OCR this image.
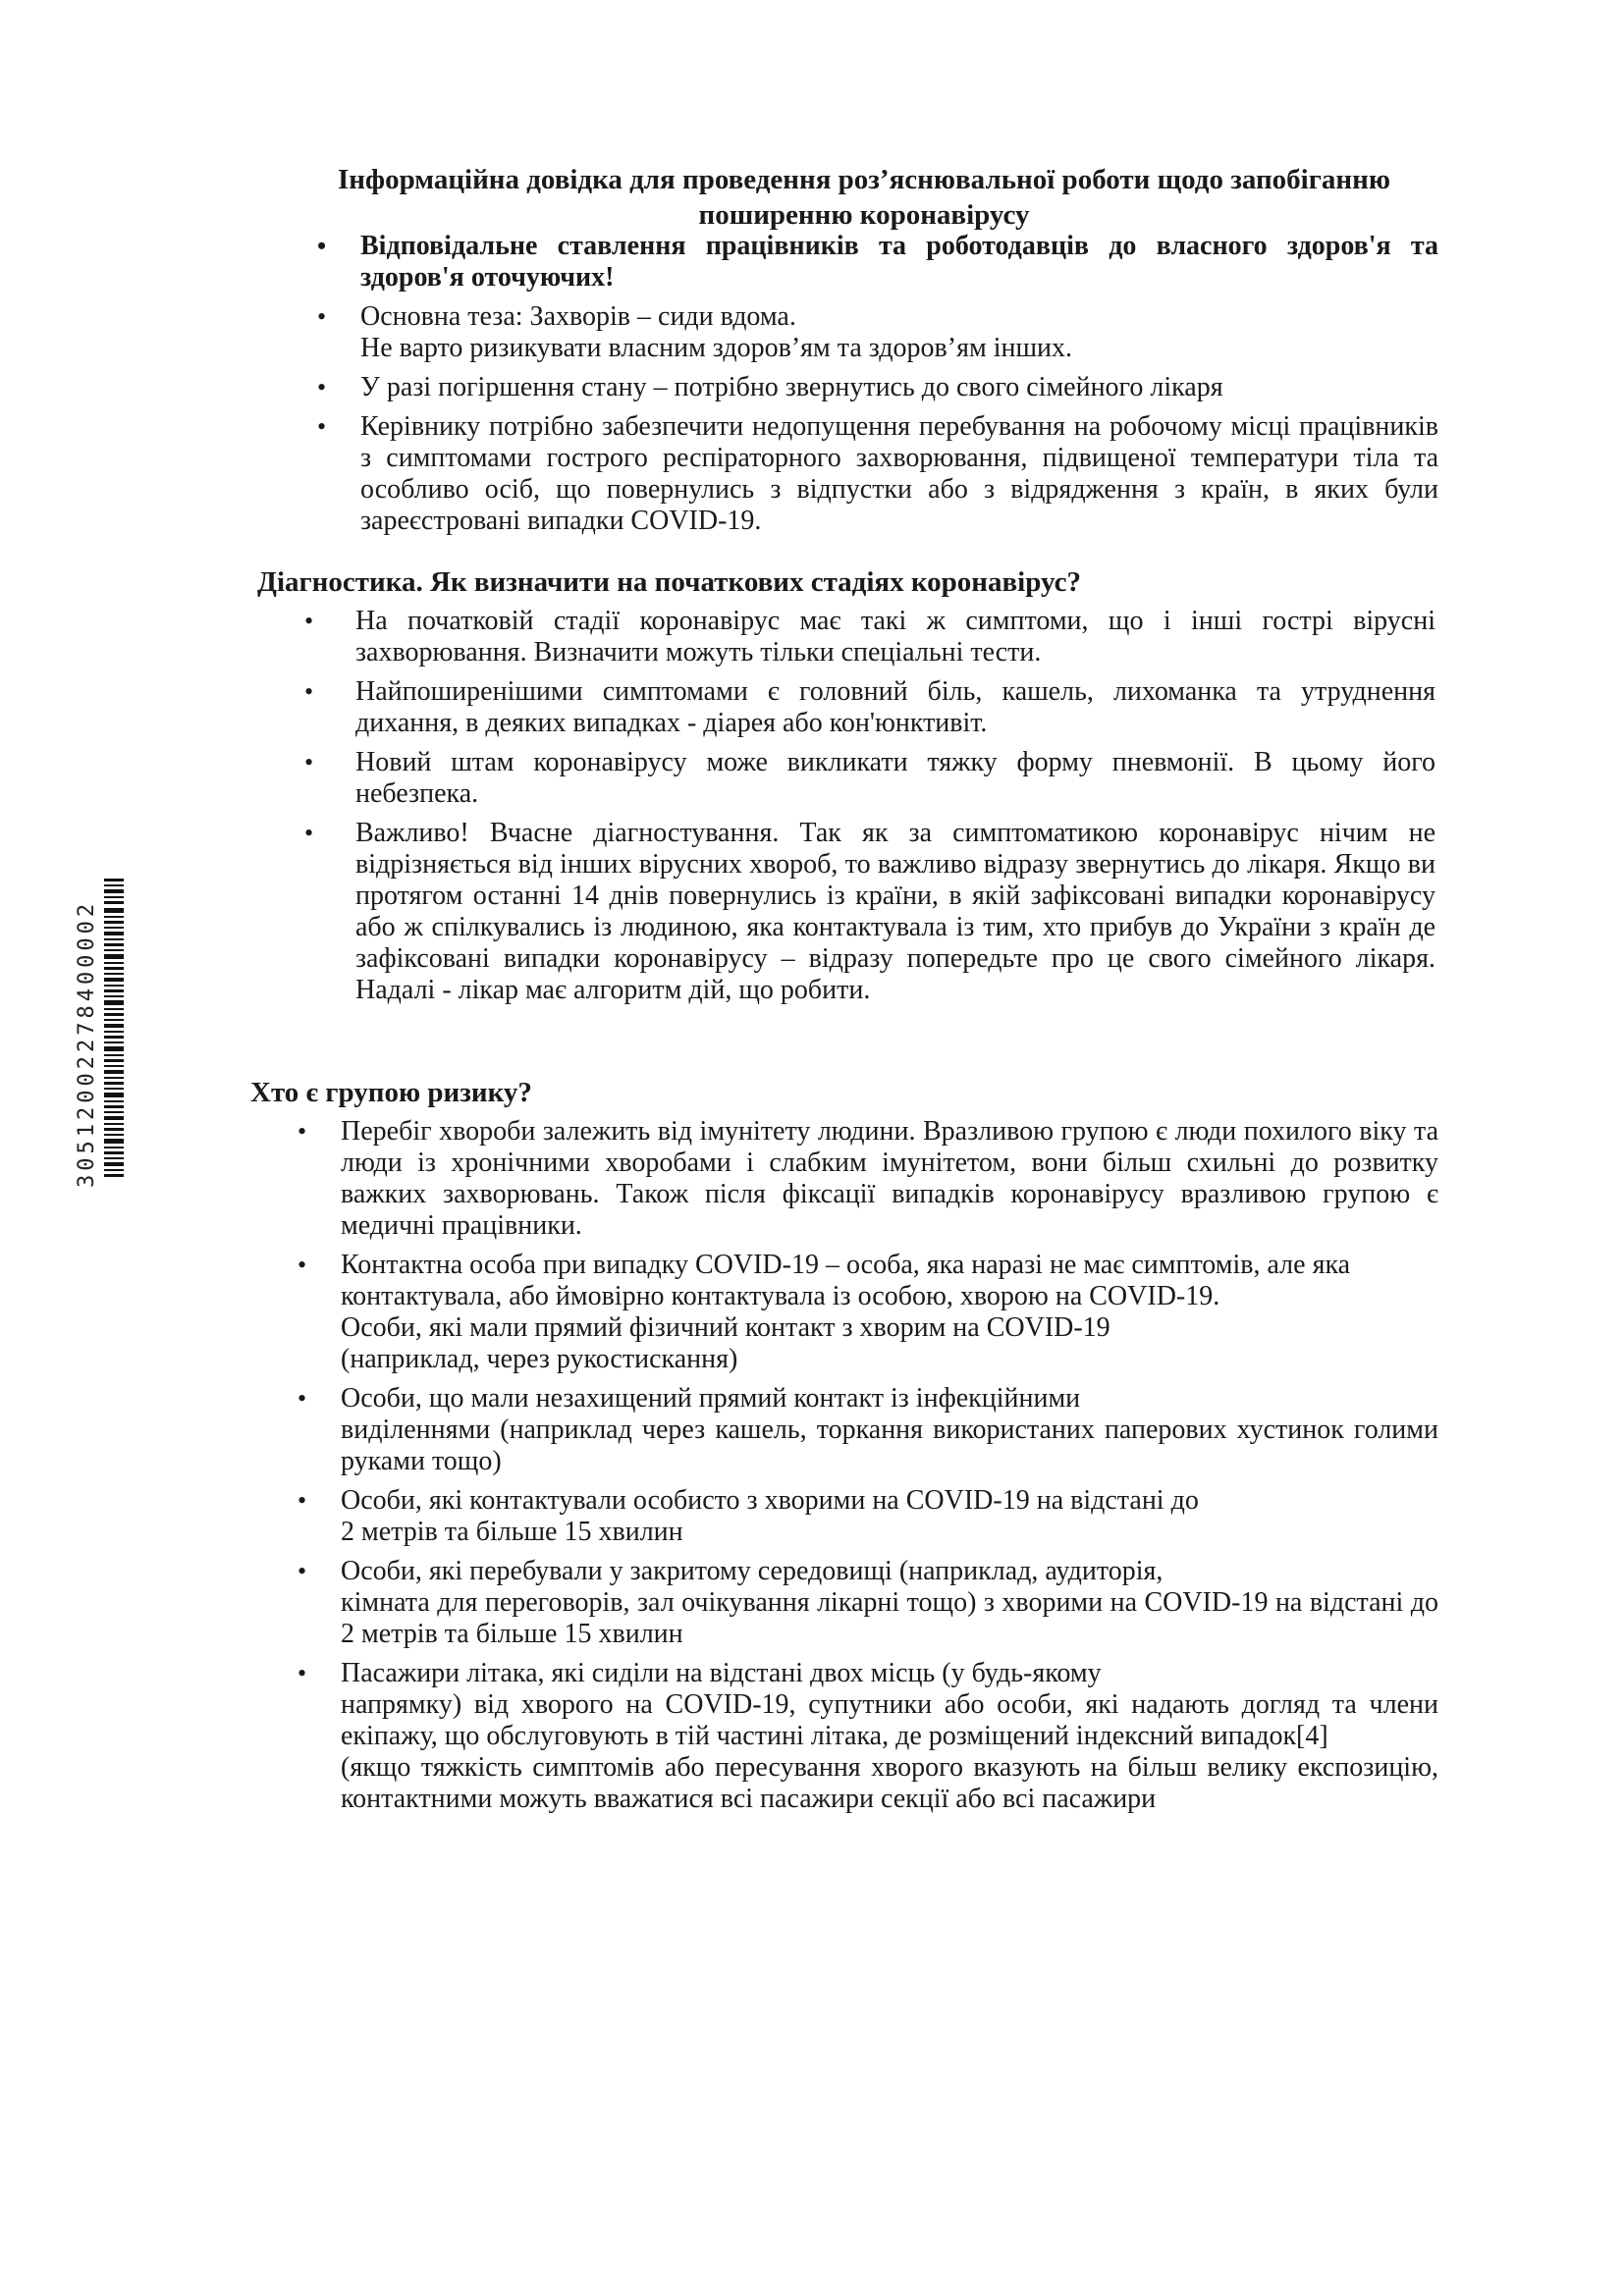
Інформаційна довідка для проведення роз’яснювальної роботи щодо запобіганню поширенню коронавірусу
• Відповідальне ставлення працівників та роботодавців до власного здоров'я та здоров'я оточуючих!
• Основна теза: Захворів – сиди вдома.
Не варто ризикувати власним здоров’ям та здоров’ям інших.
• У разі погіршення стану – потрібно звернутись до свого сімейного лікаря
• Керівнику потрібно забезпечити недопущення перебування на робочому місці працівників з симптомами гострого респіраторного захворювання, підвищеної температури тіла та особливо осіб, що повернулись з відпустки або з відрядження з країн, в яких були зареєстровані випадки COVID-19.
Діагностика. Як визначити на початкових стадіях коронавірус?
• На початковій стадії коронавірус має такі ж симптоми, що і інші гострі вірусні захворювання. Визначити можуть тільки спеціальні тести.
• Найпоширенішими симптомами є головний біль, кашель, лихоманка та утруднення дихання, в деяких випадках - діарея або кон'юнктивіт.
• Новий штам коронавірусу може викликати тяжку форму пневмонії. В цьому його небезпека.
• Важливо! Вчасне діагностування. Так як за симптоматикою коронавірус нічим не відрізняється від інших вірусних хвороб, то важливо відразу звернутись до лікаря. Якщо ви протягом останні 14 днів повернулись із країни, в якій зафіксовані випадки коронавірусу або ж спілкувались із людиною, яка контактувала із тим, хто прибув до України з країн де зафіксовані випадки коронавірусу – відразу попередьте про це свого сімейного лікаря. Надалі - лікар має алгоритм дій, що робити.
Хто є групою ризику?
• Перебіг хвороби залежить від імунітету людини. Вразливою групою є люди похилого віку та люди із хронічними хворобами і слабким імунітетом, вони більш схильні до розвитку важких захворювань. Також після фіксації випадків коронавірусу вразливою групою є медичні працівники.
• Контактна особа при випадку COVID-19 – особа, яка наразі не має симптомів, але яка
контактувала, або ймовірно контактувала із особою, хворою на COVID-19.
Особи, які мали прямий фізичний контакт з хворим на COVID-19
(наприклад, через рукостискання)
• Особи, що мали незахищений прямий контакт із інфекційними
виділеннями (наприклад через кашель, торкання використаних паперових хустинок голими руками тощо)
• Особи, які контактували особисто з хворими на COVID-19 на відстані до
2 метрів та більше 15 хвилин
• Особи, які перебували у закритому середовищі (наприклад, аудиторія,
кімната для переговорів, зал очікування лікарні тощо) з хворими на COVID-19 на відстані до 2 метрів та більше 15 хвилин
• Пасажири літака, які сиділи на відстані двох місць (у будь-якому
напрямку) від хворого на COVID-19, супутники або особи, які надають догляд та члени екіпажу, що обслуговують в тій частині літака, де розміщений індексний випадок[4]
(якщо тяжкість симптомів або пересування хворого вказують на більш велику експозицію, контактними можуть вважатися всі пасажири секції або всі пасажири
30512002278400002
